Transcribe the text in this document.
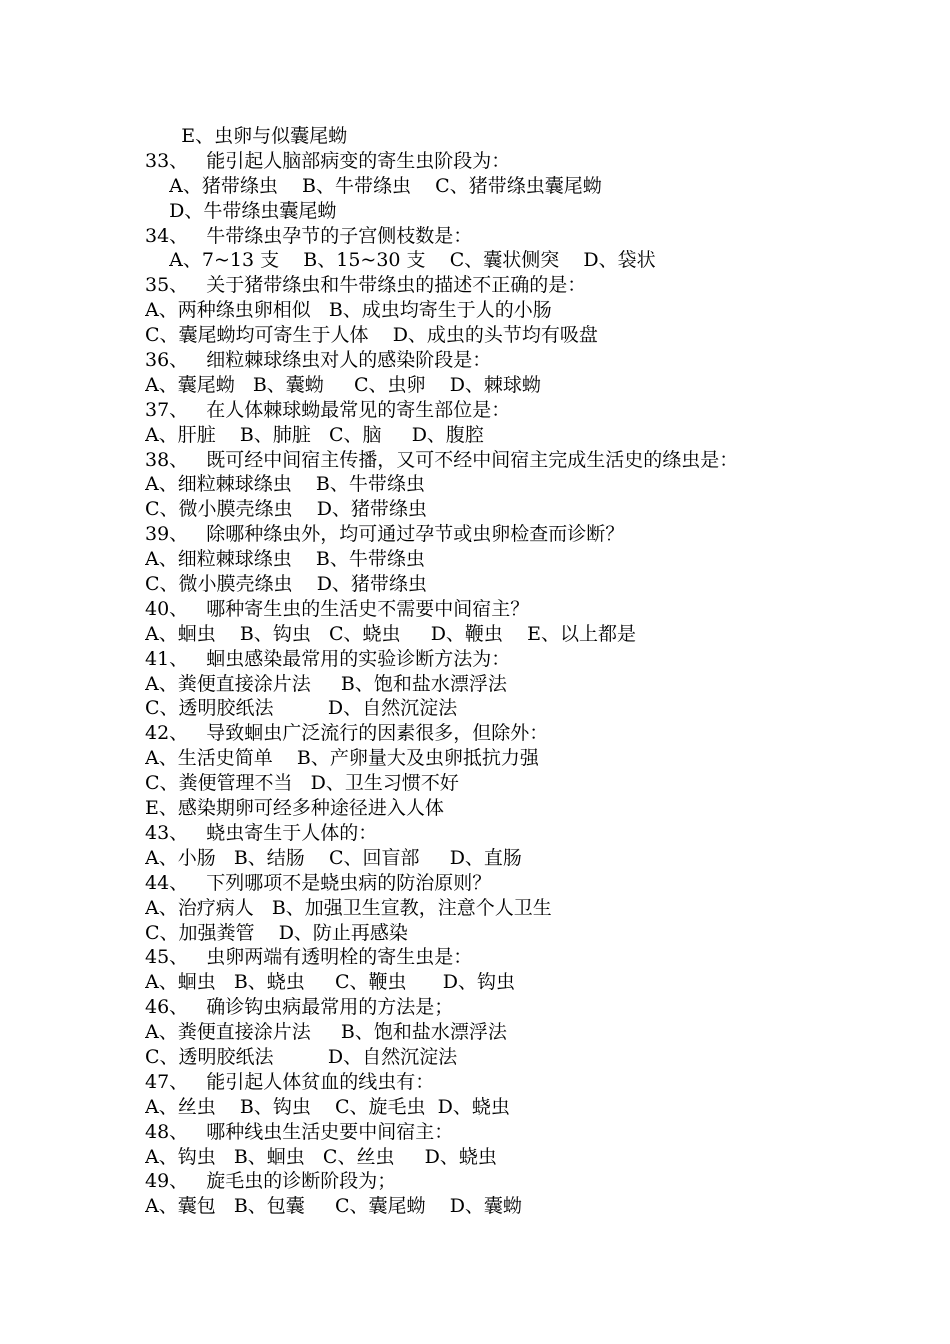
E、虫卵与似囊尾蚴
33、   能引起人脑部病变的寄生虫阶段为：
A、猪带绦虫    B、牛带绦虫    C、猪带绦虫囊尾蚴
D、牛带绦虫囊尾蚴
34、   牛带绦虫孕节的子宫侧枝数是：
A、7~13 支    B、15~30 支    C、囊状侧突    D、袋状
35、   关于猪带绦虫和牛带绦虫的描述不正确的是：
A、两种绦虫卵相似   B、成虫均寄生于人的小肠
C、囊尾蚴均可寄生于人体    D、成虫的头节均有吸盘
36、   细粒棘球绦虫对人的感染阶段是：
A、囊尾蚴   B、囊蚴     C、虫卵    D、棘球蚴
37、   在人体棘球蚴最常见的寄生部位是：
A、肝脏    B、肺脏   C、脑     D、腹腔
38、   既可经中间宿主传播，又可不经中间宿主完成生活史的绦虫是：
A、细粒棘球绦虫    B、牛带绦虫
C、微小膜壳绦虫    D、猪带绦虫
39、   除哪种绦虫外，均可通过孕节或虫卵检查而诊断？
A、细粒棘球绦虫    B、牛带绦虫
C、微小膜壳绦虫    D、猪带绦虫
40、   哪种寄生虫的生活史不需要中间宿主？
A、蛔虫    B、钩虫   C、蛲虫     D、鞭虫    E、以上都是
41、   蛔虫感染最常用的实验诊断方法为：
A、粪便直接涂片法     B、饱和盐水漂浮法
C、透明胶纸法         D、自然沉淀法
42、   导致蛔虫广泛流行的因素很多，但除外：
A、生活史简单    B、产卵量大及虫卵抵抗力强
C、粪便管理不当   D、卫生习惯不好
E、感染期卵可经多种途径进入人体
43、   蛲虫寄生于人体的：
A、小肠   B、结肠    C、回盲部     D、直肠
44、   下列哪项不是蛲虫病的防治原则？
A、治疗病人   B、加强卫生宣教，注意个人卫生
C、加强粪管    D、防止再感染
45、   虫卵两端有透明栓的寄生虫是：
A、蛔虫   B、蛲虫     C、鞭虫      D、钩虫
46、   确诊钩虫病最常用的方法是；
A、粪便直接涂片法     B、饱和盐水漂浮法
C、透明胶纸法         D、自然沉淀法
47、   能引起人体贫血的线虫有：
A、丝虫    B、钩虫    C、旋毛虫  D、蛲虫
48、   哪种线虫生活史要中间宿主：
A、钩虫   B、蛔虫   C、丝虫     D、蛲虫
49、   旋毛虫的诊断阶段为；
A、囊包   B、包囊     C、囊尾蚴    D、囊蚴
